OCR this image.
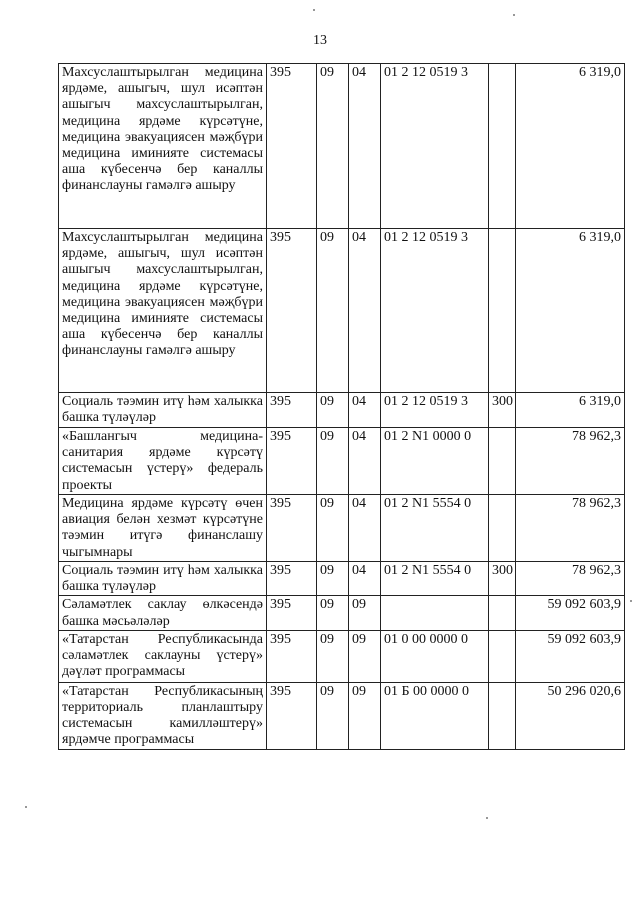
13
Махсуслаштырылган медицина ярдәме, ашыгыч, шул исәптән ашыгыч махсуслаштырылган, медицина ярдәме күрсәтүне, медицина эвакуациясен мәҗбүри медицина иминияте системасы аша күбесенчә бер каналлы финанслауны гамәлгә ашыру	395	09	04	01 2 12 0519 3		6 319,0
Махсуслаштырылган медицина ярдәме, ашыгыч, шул исәптән ашыгыч махсуслаштырылган, медицина ярдәме күрсәтүне, медицина эвакуациясен мәҗбүри медицина иминияте системасы аша күбесенчә бер каналлы финанслауны гамәлгә ашыру	395	09	04	01 2 12 0519 3		6 319,0
Социаль тәэмин итү һәм халыкка башка түләүләр	395	09	04	01 2 12 0519 3	300	6 319,0
«Башлангыч медицина-санитария ярдәме күрсәтү системасын үстерү» федераль проекты	395	09	04	01 2 N1 0000 0		78 962,3
Медицина ярдәме күрсәтү өчен авиация белән хезмәт күрсәтүне тәэмин итүгә финанслашу чыгымнары	395	09	04	01 2 N1 5554 0		78 962,3
Социаль тәэмин итү һәм халыкка башка түләүләр	395	09	04	01 2 N1 5554 0	300	78 962,3
Сәламәтлек саклау өлкәсендә башка мәсьәләләр	395	09	09			59 092 603,9
«Татарстан Республикасында сәламәтлек саклауны үстерү» дәүләт программасы	395	09	09	01 0 00 0000 0		59 092 603,9
«Татарстан Республикасының территориаль планлаштыру системасын камилләштерү» ярдәмче программасы	395	09	09	01 Б 00 0000 0		50 296 020,6
